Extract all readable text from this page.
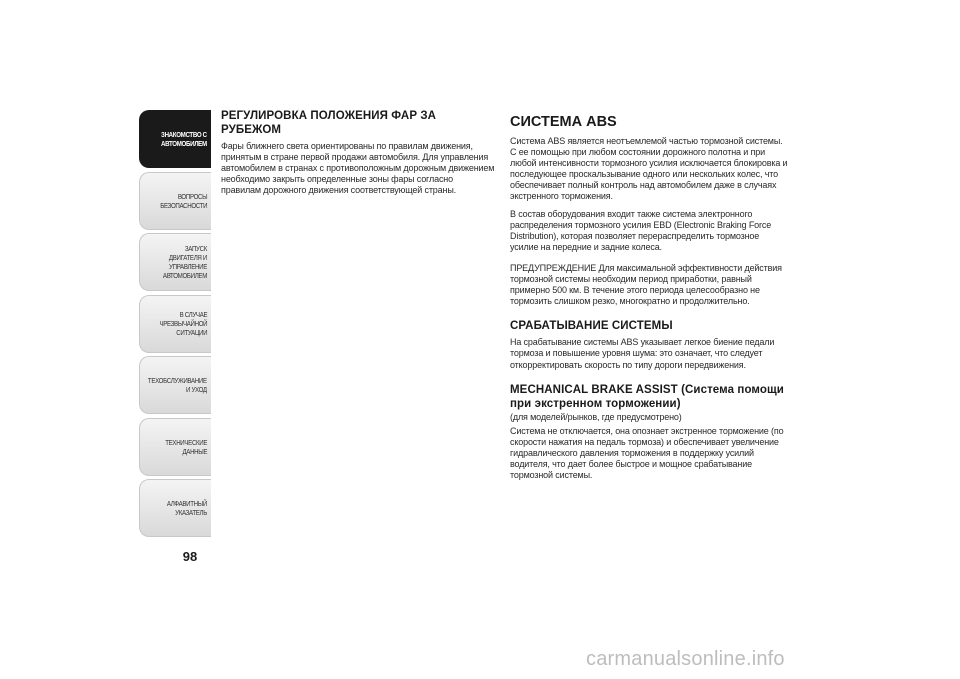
ЗНАКОМСТВО С
АВТОМОБИЛЕМ
ВОПРОСЫ
БЕЗОПАСНОСТИ
ЗАПУСК ДВИГАТЕЛЯ И
УПРАВЛЕНИЕ
АВТОМОБИЛЕМ
В СЛУЧАЕ
ЧРЕЗВЫЧАЙНОЙ
СИТУАЦИИ
ТЕХОБСЛУЖИВАНИЕ
И УХОД
ТЕХНИЧЕСКИЕ
ДАННЫЕ
АЛФАВИТНЫЙ
УКАЗАТЕЛЬ
98
РЕГУЛИРОВКА ПОЛОЖЕНИЯ ФАР ЗА РУБЕЖОМ

Фары ближнего света ориентированы по правилам движения, принятым в стране первой продажи автомобиля. Для управления автомобилем в странах с противоположным дорожным движением необходимо закрыть определенные зоны фары согласно правилам дорожного движения соответствующей страны.

СИСТЕМА ABS

Система ABS является неотъемлемой частью тормозной системы. С ее помощью при любом состоянии дорожного полотна и при любой интенсивности тормозного усилия исключается блокировка и последующее проскальзывание одного или нескольких колес, что обеспечивает полный контроль над автомобилем даже в случаях экстренного торможения.

В состав оборудования входит также система электронного распределения тормозного усилия EBD (Electronic Braking Force Distribution), которая позволяет перераспределить тормозное усилие на передние и задние колеса.

ПРЕДУПРЕЖДЕНИЕ Для максимальной эффективности действия тормозной системы необходим период приработки, равный примерно 500 км. В течение этого периода целесообразно не тормозить слишком резко, многократно и продолжительно.

СРАБАТЫВАНИЕ СИСТЕМЫ

На срабатывание системы ABS указывает легкое биение педали тормоза и повышение уровня шума: это означает, что следует откорректировать скорость по типу дороги передвижения.

MECHANICAL BRAKE ASSIST (Система помощи при экстренном торможении)

(для моделей/рынков, где предусмотрено)

Система не отключается, она опознает экстренное торможение (по скорости нажатия на педаль тормоза) и обеспечивает увеличение гидравлического давления торможения в поддержку усилий водителя, что дает более быстрое и мощное срабатывание тормозной системы.

carmanualsonline.info
